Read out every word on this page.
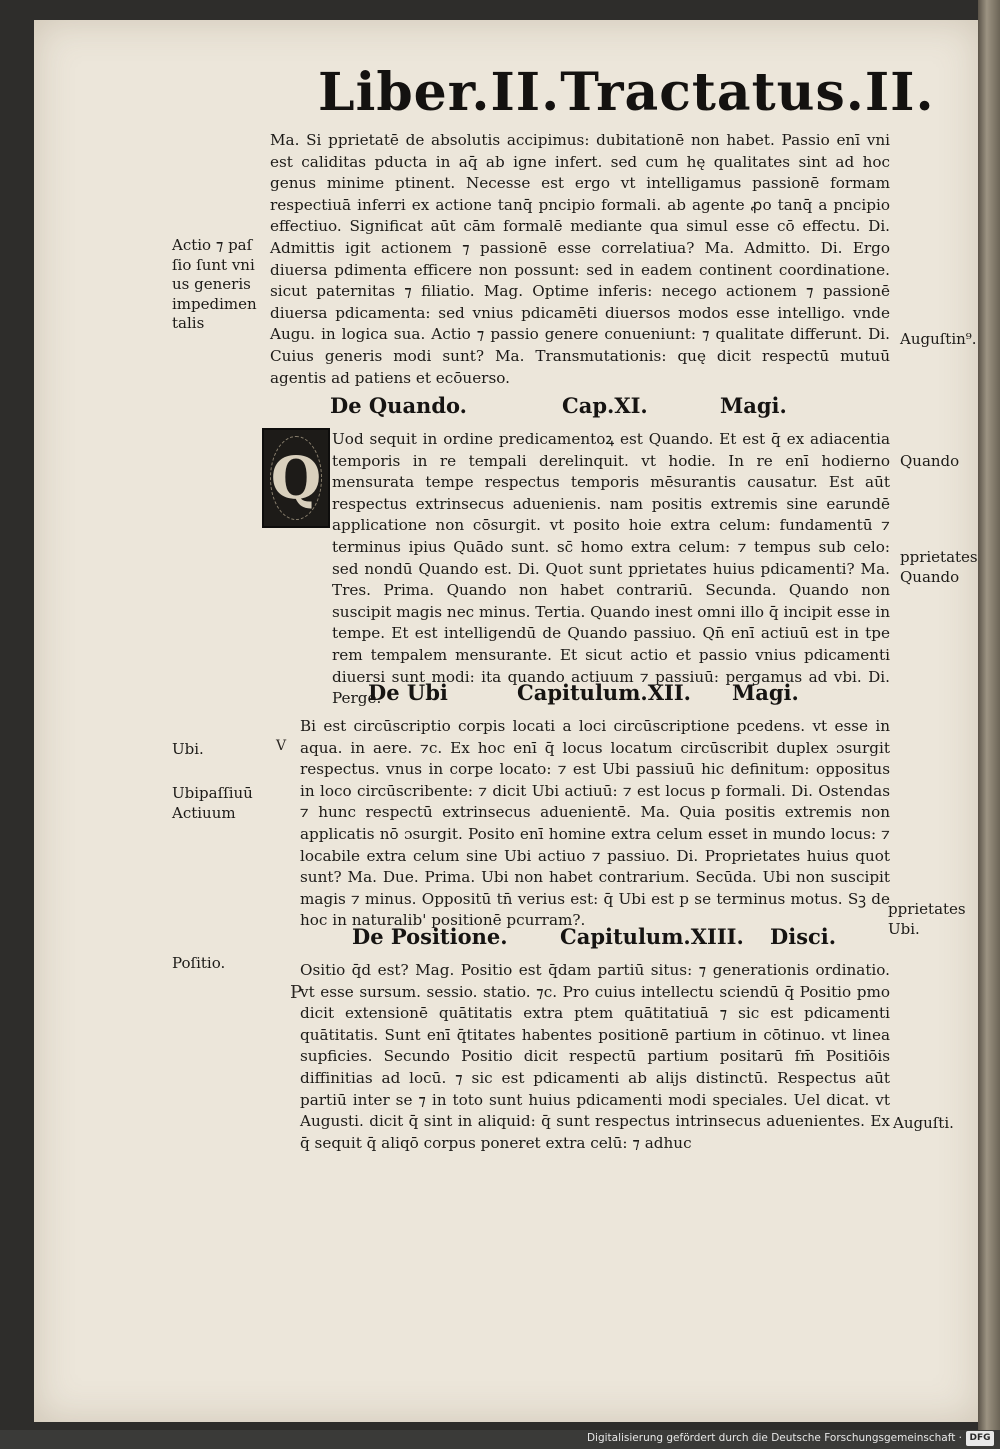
Liber.II.Tractatus.II.
Ma. Si pprietatē de absolutis accipimus: dubitationē non habet. Passio enī vni est caliditas pducta in aq̄ ab igne infert. sed cum hę qualitates sint ad hoc genus minime ptinent. Necesse est ergo vt intelligamus passionē formam respectiuā inferri ex actione tanq̄ pncipio formali. ab agente ꝓo tanq̄ a pncipio effectiuo. Significat aūt cām formalē mediante qua simul esse cō effectu. Di. Admittis igit actionem ⁊ passionē esse correlatiua? Ma. Admitto. Di. Ergo diuersa pdimenta efficere non possunt: sed in eadem continent coordinatione. sicut paternitas ⁊ filiatio. Mag. Optime inferis: necego actionem ⁊ passionē diuersa pdicamenta: sed vnius pdicamēti diuersos modos esse intelligo. vnde Augu. in logica sua. Actio ⁊ passio genere conueniunt: ⁊ qualitate differunt. Di. Cuius generis modi sunt? Ma. Transmutationis: quę dicit respectū mutuū agentis ad patiens et ecōuerso.
De Quando.	Cap.XI.	Magi.
Q
Uod sequit in ordine predicamentoꝝ est Quando. Et est q̄ ex adiacentia temporis in re tempali derelinquit. vt hodie. In re enī hodierno mensurata tempe respectus temporis mēsurantis causatur. Est aūt respectus extrinsecus aduenienis. nam positis extremis sine earundē applicatione non cōsurgit. vt posito hoie extra celum: fundamentū ⁊ terminus ipius Quādo sunt. sc̄ homo extra celum: ⁊ tempus sub celo: sed nondū Quando est. Di. Quot sunt pprietates huius pdicamenti? Ma. Tres. Prima. Quando non habet contrariū. Secunda. Quando non suscipit magis nec minus. Tertia. Quando inest omni illo q̄ incipit esse in tempe. Et est intelligendū de Quando passiuo. Qn̄ enī actiuū est in tpe rem tempalem mensurante. Et sicut actio et passio vnius pdicamenti diuersi sunt modi: ita quando actiuum ⁊ passiuū: pergamus ad vbi. Di. Perge.
De Ubi	Capitulum.XII. Magi.
V
Bi est circūscriptio corpis locati a loci circūscriptione pcedens. vt esse in aqua. in aere. ⁊c. Ex hoc enī q̄ locus locatum circūscribit duplex ɔsurgit respectus. vnus in corpe locato: ⁊ est Ubi passiuū hic definitum: oppositus in loco circūscribente: ⁊ dicit Ubi actiuū: ⁊ est locus p formali. Di. Ostendas ⁊ hunc respectū extrinsecus aduenientē. Ma. Quia positis extremis non applicatis nō ɔsurgit. Posito enī homine extra celum esset in mundo locus: ⁊ locabile extra celum sine Ubi actiuo ⁊ passiuo. Di. Proprietates huius quot sunt? Ma. Due. Prima. Ubi non habet contrarium. Secūda. Ubi non suscipit magis ⁊ minus. Oppositū tn̄ verius est: q̄ Ubi est p se terminus motus. Sꝫ de hoc in naturalib' positionē pcurram?.
De Positione. Capitulum.XIII. Disci.
P
Ositio q̄d est? Mag. Positio est q̄dam partiū situs: ⁊ generationis ordinatio. vt esse sursum. sessio. statio. ⁊c. Pro cuius intellectu sciendū q̄ Positio pmo dicit extensionē quātitatis extra ptem quātitatiuā ⁊ sic est pdicamenti quātitatis. Sunt enī q̄titates habentes positionē partium in cōtinuo. vt linea supficies. Secundo Positio dicit respectū partium positarū fm̄ Positiōis diffinitias ad locū. ⁊ sic est pdicamenti ab alijs distinctū. Respectus aūt partiū inter se ⁊ in toto sunt huius pdicamenti modi speciales. Uel dicat. vt Augusti. dicit q̄ sint in aliquid: q̄ sunt respectus intrinsecus aduenientes. Ex q̄ sequit q̄ aliqō corpus poneret extra celū: ⁊ adhuc
Actio ⁊ paſ
ſio ſunt vni
us generis
impedimen
talis
Ubi.
Ubipaſſiuū
Actiuum
Poſitio.
Auguſtin⁹.
Quando
pprietates
Quando
pprietates
Ubi.
Auguſti.
Digitalisierung gefördert durch die Deutsche Forschungsgemeinschaft · DFG
